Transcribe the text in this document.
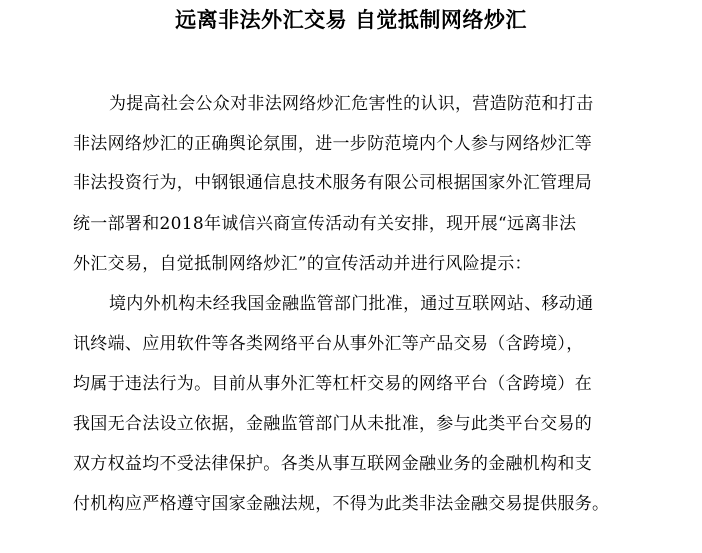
远离非法外汇交易 自觉抵制网络炒汇

为提高社会公众对非法网络炒汇危害性的认识，营造防范和打击

非法网络炒汇的正确舆论氛围，进一步防范境内个人参与网络炒汇等

非法投资行为，中钢银通信息技术服务有限公司根据国家外汇管理局

统一部署和2018年诚信兴商宣传活动有关安排，现开展“远离非法

外汇交易，自觉抵制网络炒汇”的宣传活动并进行风险提示：

境内外机构未经我国金融监管部门批准，通过互联网站、移动通

讯终端、应用软件等各类网络平台从事外汇等产品交易（含跨境），

均属于违法行为。目前从事外汇等杠杆交易的网络平台（含跨境）在

我国无合法设立依据，金融监管部门从未批准，参与此类平台交易的

双方权益均不受法律保护。各类从事互联网金融业务的金融机构和支

付机构应严格遵守国家金融法规，不得为此类非法金融交易提供服务。
